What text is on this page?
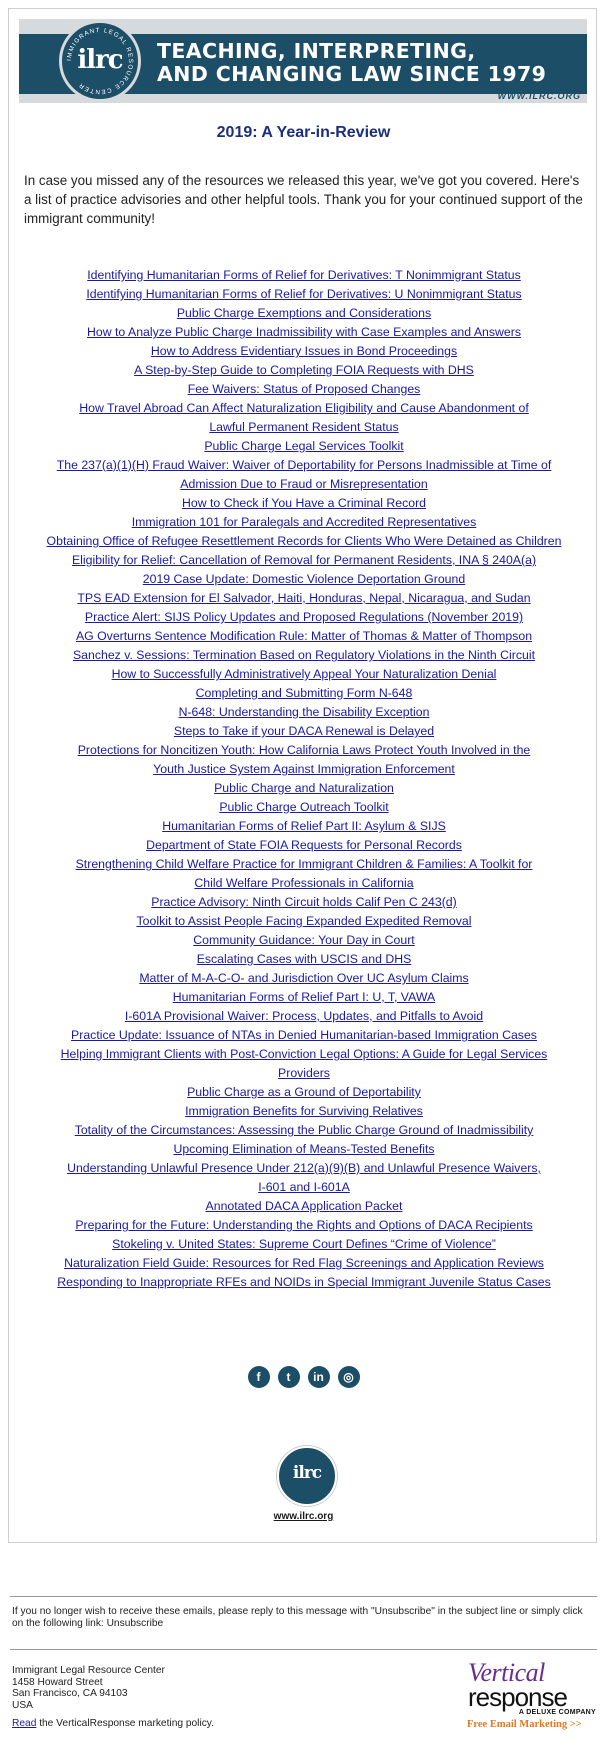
TEACHING, INTERPRETING,
AND CHANGING LAW SINCE 1979
IMMIGRANT LEGAL RESOURCE CENTER
ilrc
WWW.ILRC.ORG
2019: A Year-in-Review

In case you missed any of the resources we released this year, we've got you covered. Here's a list of practice advisories and other helpful tools. Thank you for your continued support of the immigrant community!

Identifying Humanitarian Forms of Relief for Derivatives: T Nonimmigrant Status
Identifying Humanitarian Forms of Relief for Derivatives: U Nonimmigrant Status
Public Charge Exemptions and Considerations
How to Analyze Public Charge Inadmissibility with Case Examples and Answers
How to Address Evidentiary Issues in Bond Proceedings
A Step-by-Step Guide to Completing FOIA Requests with DHS
Fee Waivers: Status of Proposed Changes
How Travel Abroad Can Affect Naturalization Eligibility and Cause Abandonment of
Lawful Permanent Resident Status
Public Charge Legal Services Toolkit
The 237(a)(1)(H) Fraud Waiver: Waiver of Deportability for Persons Inadmissible at Time of
Admission Due to Fraud or Misrepresentation
How to Check if You Have a Criminal Record
Immigration 101 for Paralegals and Accredited Representatives
Obtaining Office of Refugee Resettlement Records for Clients Who Were Detained as Children
Eligibility for Relief: Cancellation of Removal for Permanent Residents, INA § 240A(a)
2019 Case Update: Domestic Violence Deportation Ground
TPS EAD Extension for El Salvador, Haiti, Honduras, Nepal, Nicaragua, and Sudan
Practice Alert: SIJS Policy Updates and Proposed Regulations (November 2019)
AG Overturns Sentence Modification Rule: Matter of Thomas & Matter of Thompson
Sanchez v. Sessions: Termination Based on Regulatory Violations in the Ninth Circuit
How to Successfully Administratively Appeal Your Naturalization Denial
Completing and Submitting Form N-648
N-648: Understanding the Disability Exception
Steps to Take if your DACA Renewal is Delayed
Protections for Noncitizen Youth: How California Laws Protect Youth Involved in the
Youth Justice System Against Immigration Enforcement
Public Charge and Naturalization
Public Charge Outreach Toolkit
Humanitarian Forms of Relief Part II: Asylum & SIJS
Department of State FOIA Requests for Personal Records
Strengthening Child Welfare Practice for Immigrant Children & Families: A Toolkit for
Child Welfare Professionals in California
Practice Advisory: Ninth Circuit holds Calif Pen C 243(d)
Toolkit to Assist People Facing Expanded Expedited Removal
Community Guidance: Your Day in Court
Escalating Cases with USCIS and DHS
Matter of M-A-C-O- and Jurisdiction Over UC Asylum Claims
Humanitarian Forms of Relief Part I: U, T, VAWA
I-601A Provisional Waiver: Process, Updates, and Pitfalls to Avoid
Practice Update: Issuance of NTAs in Denied Humanitarian-based Immigration Cases
Helping Immigrant Clients with Post-Conviction Legal Options: A Guide for Legal Services
Providers
Public Charge as a Ground of Deportability
Immigration Benefits for Surviving Relatives
Totality of the Circumstances: Assessing the Public Charge Ground of Inadmissibility
Upcoming Elimination of Means-Tested Benefits
Understanding Unlawful Presence Under 212(a)(9)(B) and Unlawful Presence Waivers,
I-601 and I-601A
Annotated DACA Application Packet
Preparing for the Future: Understanding the Rights and Options of DACA Recipients
Stokeling v. United States: Supreme Court Defines “Crime of Violence”
Naturalization Field Guide: Resources for Red Flag Screenings and Application Reviews
Responding to Inappropriate RFEs and NOIDs in Special Immigrant Juvenile Status Cases
f	t	in	◎
ilrc
www.ilrc.org
If you no longer wish to receive these emails, please reply to this message with "Unsubscribe" in the subject line or simply click on the following link: Unsubscribe
Immigrant Legal Resource Center
1458 Howard Street
San Francisco, CA 94103
USA
Read the VerticalResponse marketing policy.
Vertical
response
A DELUXE COMPANY
Free Email Marketing >>
